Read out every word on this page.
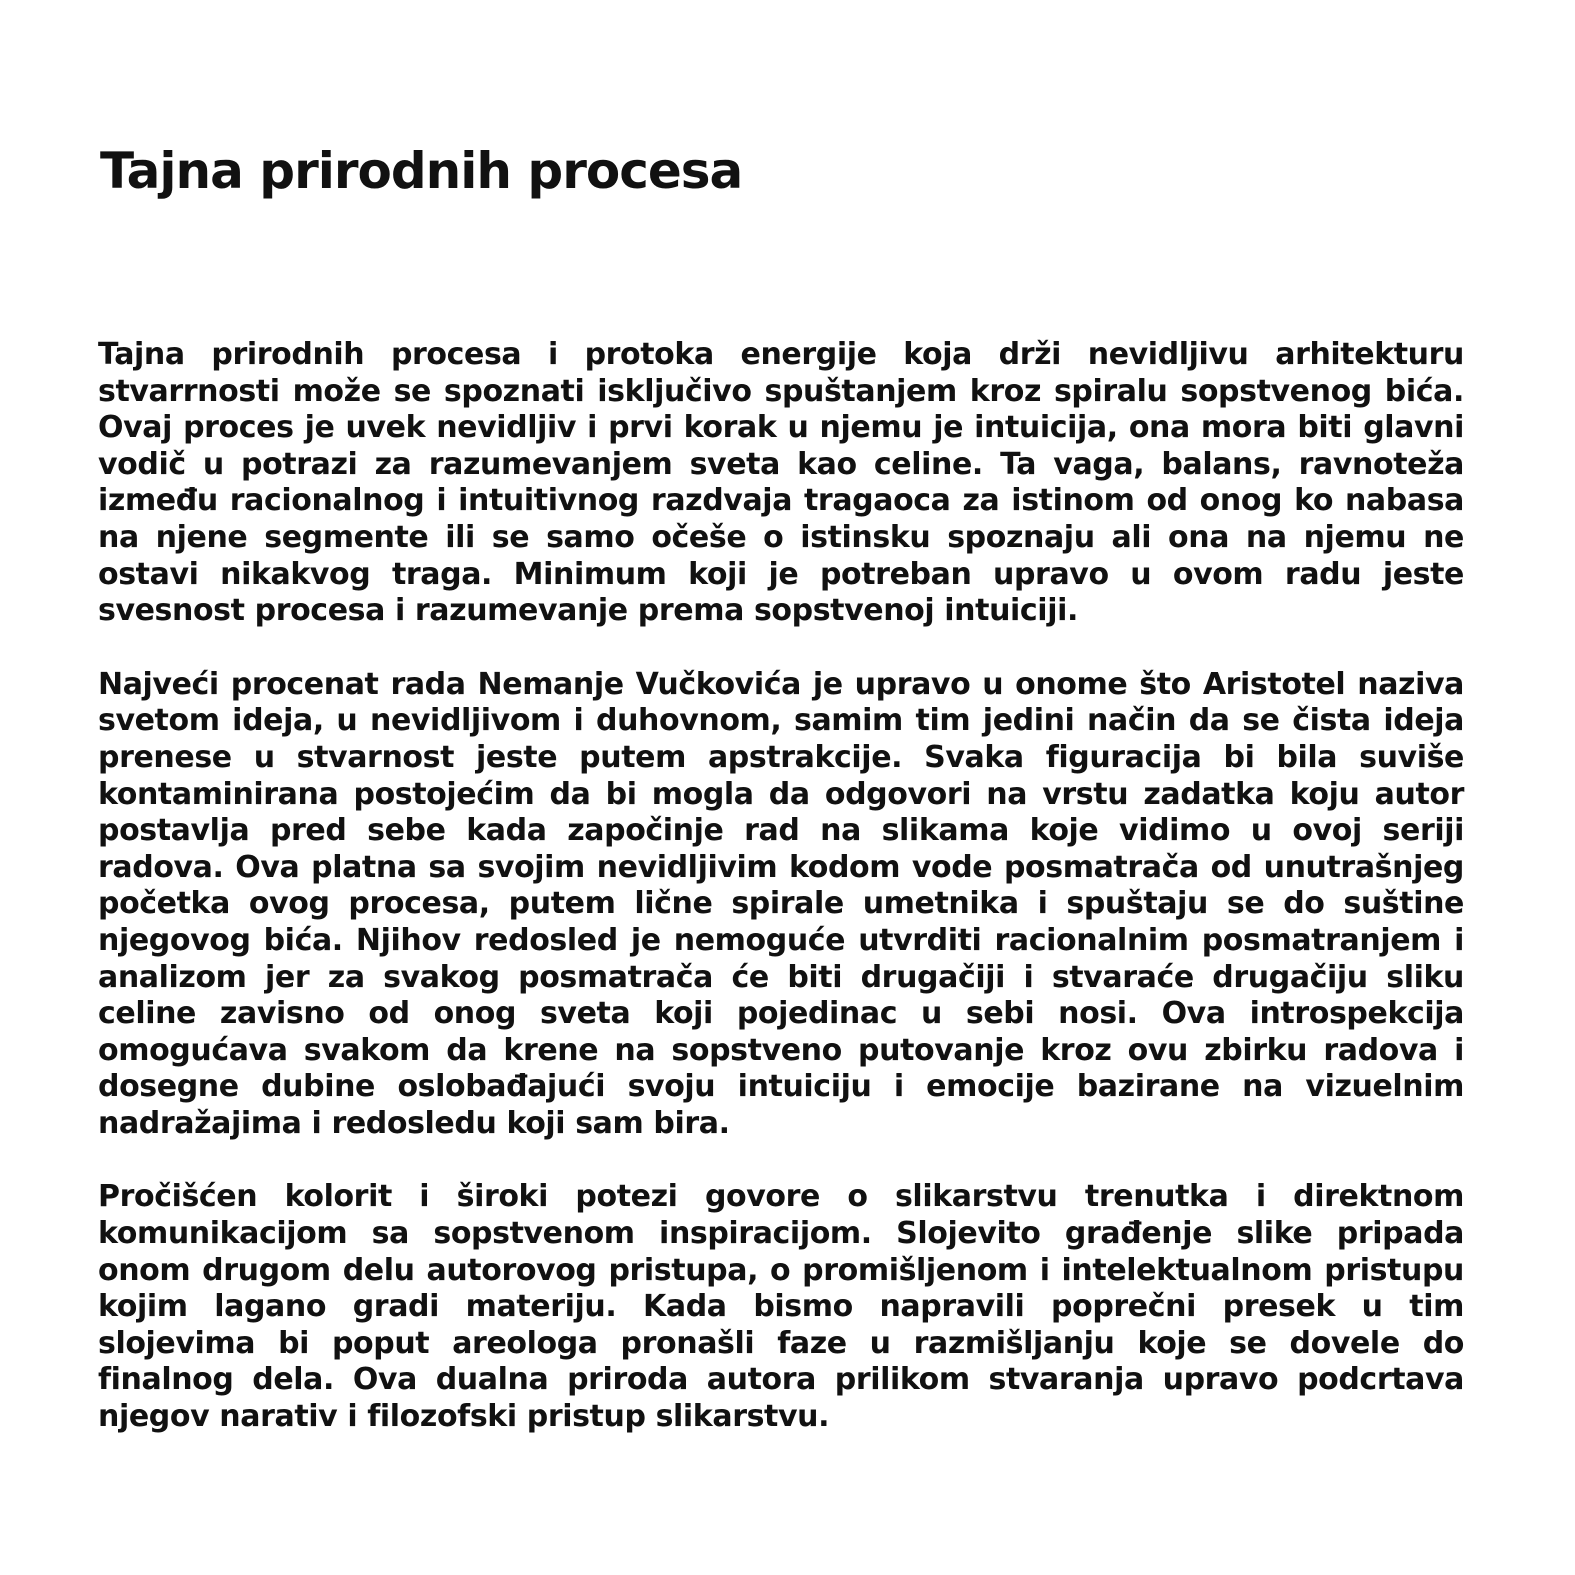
Tajna prirodnih procesa

Tajna prirodnih procesa i protoka energije koja drži nevidljivu arhitekturu stvarrnosti može se spoznati isključivo spuštanjem kroz spiralu sopstvenog bića. Ovaj proces je uvek nevidljiv i prvi korak u njemu je intuicija, ona mora biti glavni vodič u potrazi za razumevanjem sveta kao celine. Ta vaga, balans, ravnoteža između racionalnog i intuitivnog razdvaja tragaoca za istinom od onog ko nabasa na njene segmente ili se samo očeše o istinsku spoznaju ali ona na njemu ne ostavi nikakvog traga. Minimum koji je potreban upravo u ovom radu jeste svesnost procesa i razumevanje prema sopstvenoj intuiciji.

Najveći procenat rada Nemanje Vučkovića je upravo u onome što Aristotel naziva svetom ideja, u nevidljivom i duhovnom, samim tim jedini način da se čista ideja prenese u stvarnost jeste putem apstrakcije. Svaka figuracija bi bila suviše kontaminirana postojećim da bi mogla da odgovori na vrstu zadatka koju autor postavlja pred sebe kada započinje rad na slikama koje vidimo u ovoj seriji radova. Ova platna sa svojim nevidljivim kodom vode posmatrača od unutrašnjeg početka ovog procesa, putem lične spirale umetnika i spuštaju se do suštine njegovog bića. Njihov redosled je nemoguće utvrditi racionalnim posmatranjem i analizom jer za svakog posmatrača će biti drugačiji i stvaraće drugačiju sliku celine zavisno od onog sveta koji pojedinac u sebi nosi. Ova introspekcija omogućava svakom da krene na sopstveno putovanje kroz ovu zbirku radova i dosegne dubine oslobađajući svoju intuiciju i emocije bazirane na vizuelnim nadražajima i redosledu koji sam bira.

Pročišćen kolorit i široki potezi govore o slikarstvu trenutka i direktnom komunikacijom sa sopstvenom inspiracijom. Slojevito građenje slike pripada onom drugom delu autorovog pristupa, o promišljenom i intelektualnom pristupu kojim lagano gradi materiju. Kada bismo napravili poprečni presek u tim slojevima bi poput areologa pronašli faze u razmišljanju koje se dovele do finalnog dela. Ova dualna priroda autora prilikom stvaranja upravo podcrtava njegov narativ i filozofski pristup slikarstvu.
